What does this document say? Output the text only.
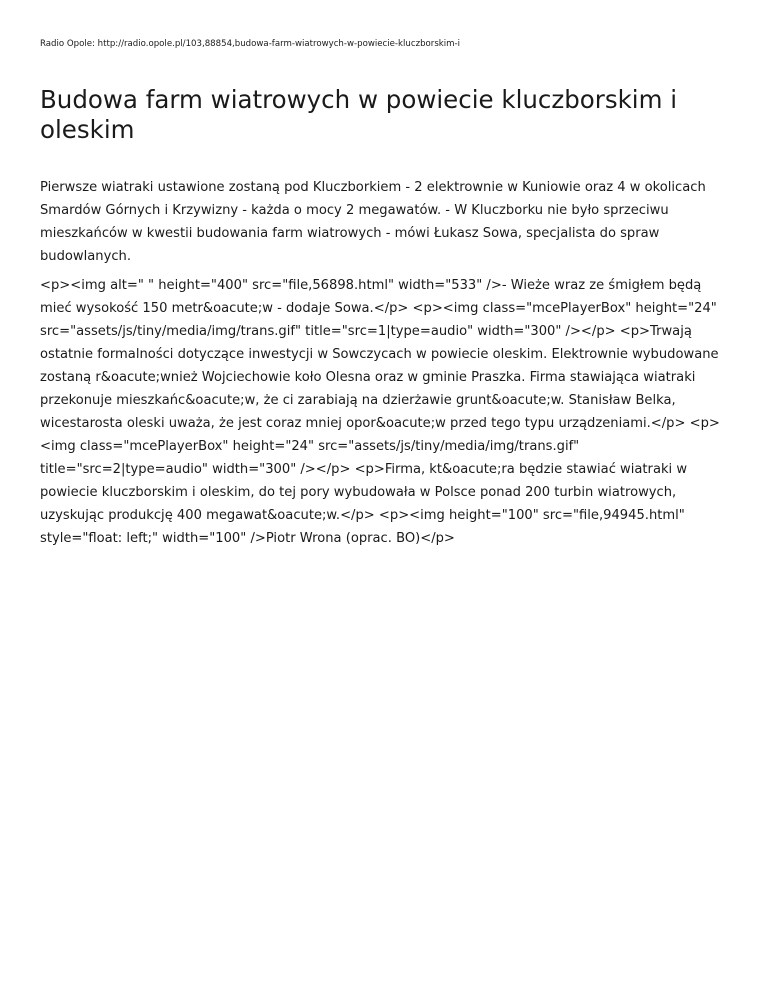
Radio Opole: http://radio.opole.pl/103,88854,budowa-farm-wiatrowych-w-powiecie-kluczborskim-i
Budowa farm wiatrowych w powiecie kluczborskim i oleskim

Pierwsze wiatraki ustawione zostaną pod Kluczborkiem - 2 elektrownie w Kuniowie oraz 4 w okolicach Smardów Górnych i Krzywizny - każda o mocy 2 megawatów. - W Kluczborku nie było sprzeciwu mieszkańców w kwestii budowania farm wiatrowych - mówi Łukasz Sowa, specjalista do spraw budowlanych.

<p><img alt=" " height="400" src="file,56898.html" width="533" />- Wieże wraz ze śmigłem będą mieć wysokość 150 metr&oacute;w - dodaje Sowa.</p> <p><img class="mcePlayerBox" height="24" src="assets/js/tiny/media/img/trans.gif" title="src=1|type=audio" width="300" /></p> <p>Trwają ostatnie formalności dotyczące inwestycji w Sowczycach w powiecie oleskim. Elektrownie wybudowane zostaną r&oacute;wnież Wojciechowie koło Olesna oraz w gminie Praszka. Firma stawiająca wiatraki przekonuje mieszkańc&oacute;w, że ci zarabiają na dzierżawie grunt&oacute;w. Stanisław Belka, wicestarosta oleski uważa, że jest coraz mniej opor&oacute;w przed tego typu urządzeniami.</p> <p><img class="mcePlayerBox" height="24" src="assets/js/tiny/media/img/trans.gif" title="src=2|type=audio" width="300" /></p> <p>Firma, kt&oacute;ra będzie stawiać wiatraki w powiecie kluczborskim i oleskim, do tej pory wybudowała w Polsce ponad 200 turbin wiatrowych, uzyskując produkcję 400 megawat&oacute;w.</p> <p><img height="100" src="file,94945.html" style="float: left;" width="100" />Piotr Wrona (oprac. BO)</p>
